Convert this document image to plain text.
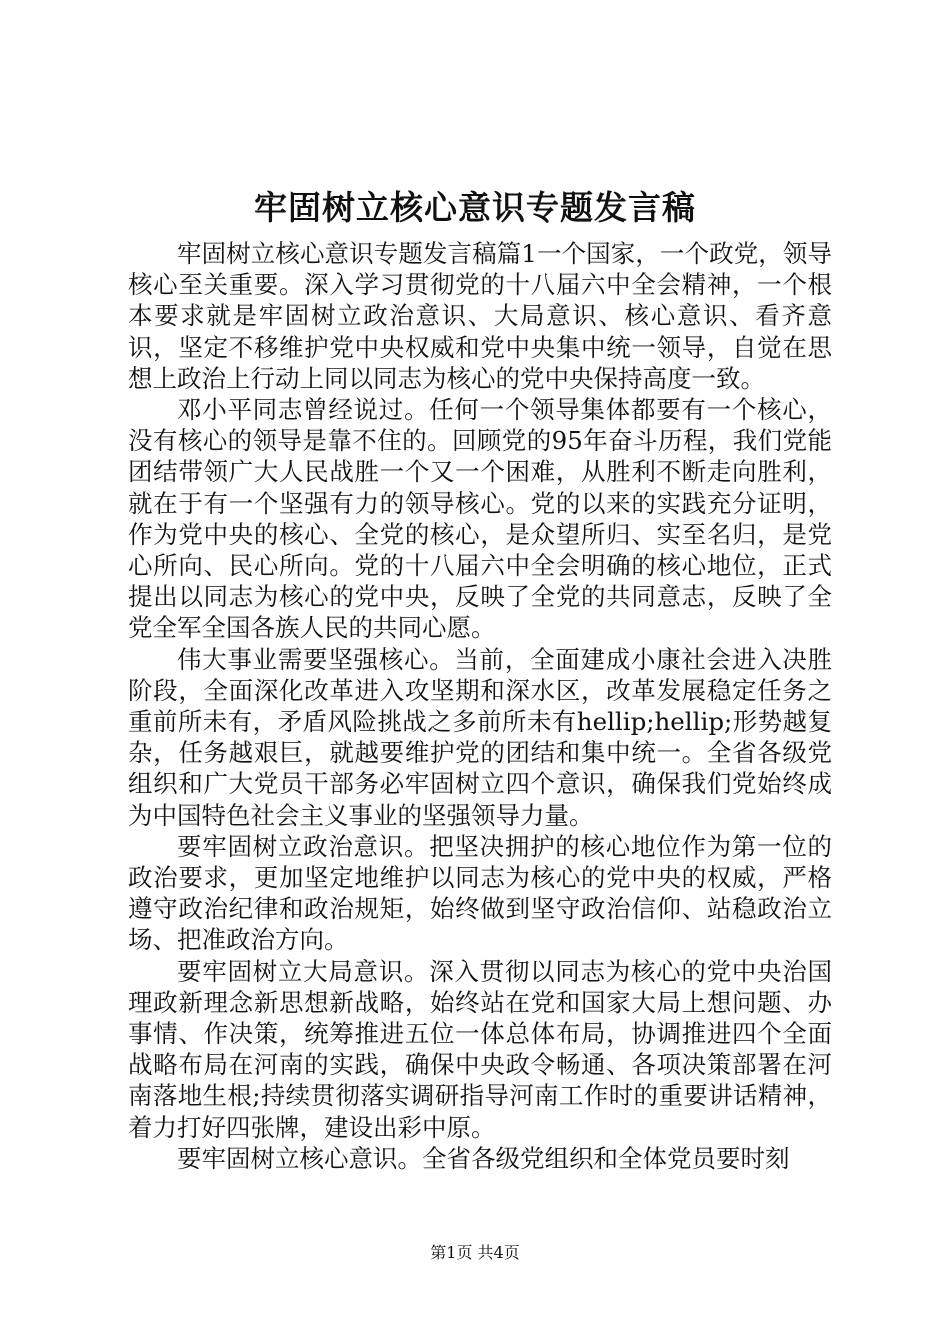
牢固树立核心意识专题发言稿

牢固树立核心意识专题发言稿篇1一个国家，一个政党，领导核心至关重要。深入学习贯彻党的十八届六中全会精神，一个根本要求就是牢固树立政治意识、大局意识、核心意识、看齐意识，坚定不移维护党中央权威和党中央集中统一领导，自觉在思想上政治上行动上同以同志为核心的党中央保持高度一致。

邓小平同志曾经说过。任何一个领导集体都要有一个核心，没有核心的领导是靠不住的。回顾党的95年奋斗历程，我们党能团结带领广大人民战胜一个又一个困难，从胜利不断走向胜利，就在于有一个坚强有力的领导核心。党的以来的实践充分证明，作为党中央的核心、全党的核心，是众望所归、实至名归，是党心所向、民心所向。党的十八届六中全会明确的核心地位，正式提出以同志为核心的党中央，反映了全党的共同意志，反映了全党全军全国各族人民的共同心愿。

伟大事业需要坚强核心。当前，全面建成小康社会进入决胜阶段，全面深化改革进入攻坚期和深水区，改革发展稳定任务之重前所未有，矛盾风险挑战之多前所未有hellip;hellip;形势越复杂，任务越艰巨，就越要维护党的团结和集中统一。全省各级党组织和广大党员干部务必牢固树立四个意识，确保我们党始终成为中国特色社会主义事业的坚强领导力量。

要牢固树立政治意识。把坚决拥护的核心地位作为第一位的政治要求，更加坚定地维护以同志为核心的党中央的权威，严格遵守政治纪律和政治规矩，始终做到坚守政治信仰、站稳政治立场、把准政治方向。

要牢固树立大局意识。深入贯彻以同志为核心的党中央治国理政新理念新思想新战略，始终站在党和国家大局上想问题、办事情、作决策，统筹推进五位一体总体布局，协调推进四个全面战略布局在河南的实践，确保中央政令畅通、各项决策部署在河南落地生根;持续贯彻落实调研指导河南工作时的重要讲话精神，着力打好四张牌，建设出彩中原。

要牢固树立核心意识。全省各级党组织和全体党员要时刻

第1页 共4页
